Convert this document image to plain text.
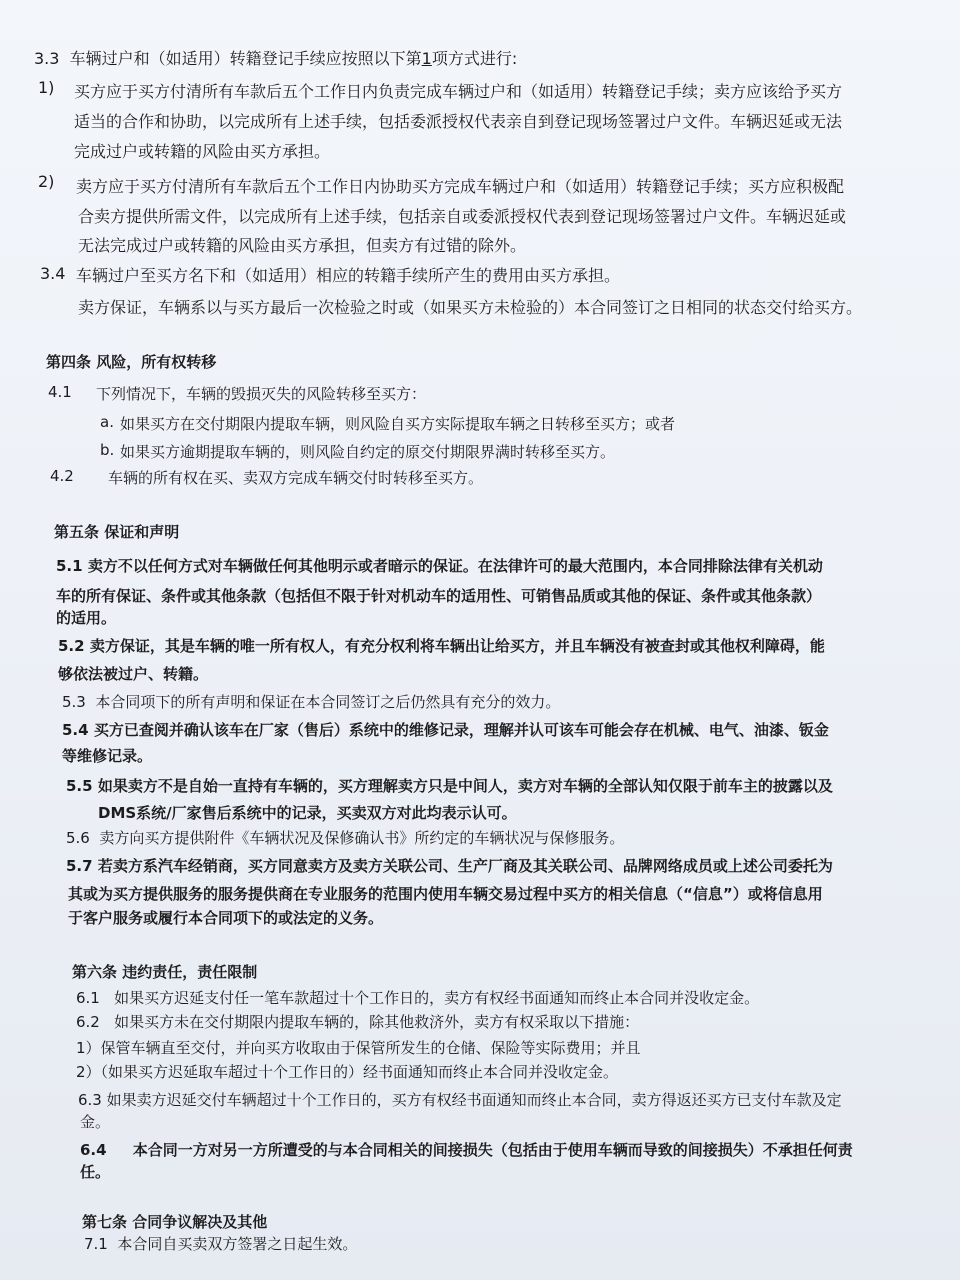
3.3 车辆过户和（如适用）转籍登记手续应按照以下第1项方式进行:
1) 买方应于买方付清所有车款后五个工作日内负责完成车辆过户和（如适用）转籍登记手续；卖方应该给予买方
适当的合作和协助，以完成所有上述手续，包括委派授权代表亲自到登记现场签署过户文件。车辆迟延或无法
完成过户或转籍的风险由买方承担。
2) 卖方应于买方付清所有车款后五个工作日内协助买方完成车辆过户和（如适用）转籍登记手续；买方应积极配
合卖方提供所需文件，以完成所有上述手续，包括亲自或委派授权代表到登记现场签署过户文件。车辆迟延或
无法完成过户或转籍的风险由买方承担，但卖方有过错的除外。
3.4 车辆过户至买方名下和（如适用）相应的转籍手续所产生的费用由买方承担。
卖方保证，车辆系以与买方最后一次检验之时或（如果买方未检验的）本合同签订之日相同的状态交付给买方。
第四条 风险，所有权转移
4.1 下列情况下，车辆的毁损灭失的风险转移至买方：
a. 如果买方在交付期限内提取车辆，则风险自买方实际提取车辆之日转移至买方；或者
b. 如果买方逾期提取车辆的，则风险自约定的原交付期限界满时转移至买方。
4.2 车辆的所有权在买、卖双方完成车辆交付时转移至买方。
第五条 保证和声明
5.1 卖方不以任何方式对车辆做任何其他明示或者暗示的保证。在法律许可的最大范围内，本合同排除法律有关机动
车的所有保证、条件或其他条款（包括但不限于针对机动车的适用性、可销售品质或其他的保证、条件或其他条款）
的适用。
5.2 卖方保证，其是车辆的唯一所有权人，有充分权利将车辆出让给买方，并且车辆没有被查封或其他权利障碍，能
够依法被过户、转籍。
5.3 本合同项下的所有声明和保证在本合同签订之后仍然具有充分的效力。
5.4 买方已查阅并确认该车在厂家（售后）系统中的维修记录，理解并认可该车可能会存在机械、电气、油漆、钣金
等维修记录。
5.5 如果卖方不是自始一直持有车辆的，买方理解卖方只是中间人，卖方对车辆的全部认知仅限于前车主的披露以及
DMS系统/厂家售后系统中的记录，买卖双方对此均表示认可。
5.6 卖方向买方提供附件《车辆状况及保修确认书》所约定的车辆状况与保修服务。
5.7 若卖方系汽车经销商，买方同意卖方及卖方关联公司、生产厂商及其关联公司、品牌网络成员或上述公司委托为
其或为买方提供服务的服务提供商在专业服务的范围内使用车辆交易过程中买方的相关信息（“信息”）或将信息用
于客户服务或履行本合同项下的或法定的义务。
第六条 违约责任，责任限制
6.1 如果买方迟延支付任一笔车款超过十个工作日的，卖方有权经书面通知而终止本合同并没收定金。
6.2 如果买方未在交付期限内提取车辆的，除其他救济外，卖方有权采取以下措施：
1）保管车辆直至交付，并向买方收取由于保管所发生的仓储、保险等实际费用；并且
2）（如果买方迟延取车超过十个工作日的）经书面通知而终止本合同并没收定金。
6.3 如果卖方迟延交付车辆超过十个工作日的，买方有权经书面通知而终止本合同，卖方得返还买方已支付车款及定
金。
6.4 本合同一方对另一方所遭受的与本合同相关的间接损失（包括由于使用车辆而导致的间接损失）不承担任何责
任。
第七条 合同争议解决及其他
7.1 本合同自买卖双方签署之日起生效。
